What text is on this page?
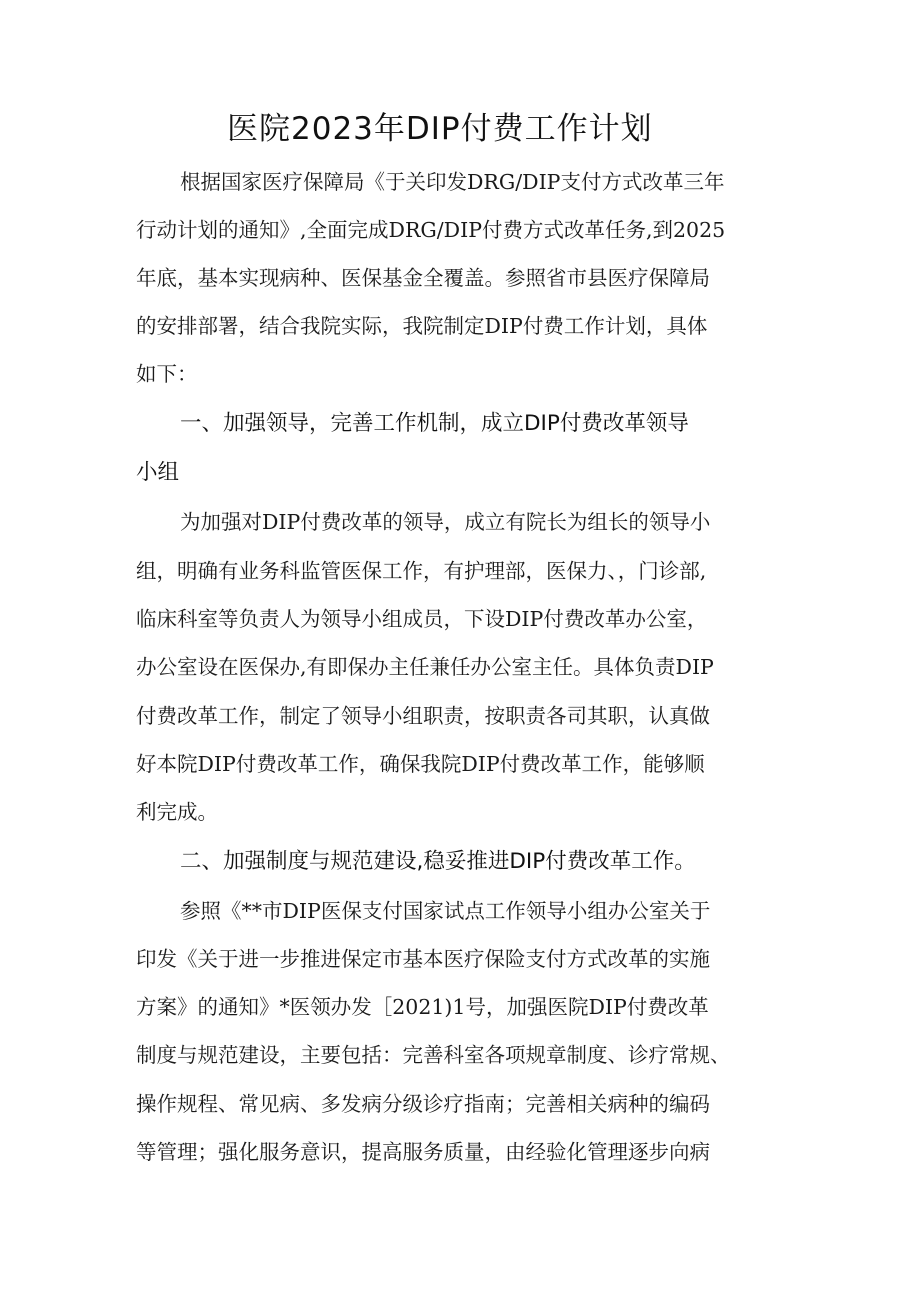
医院2023年DIP付费工作计划
根据国家医疗保障局《于关印发DRG/DIP支付方式改革三年
行动计划的通知》,全面完成DRG/DIP付费方式改革任务,到2025
年底，基本实现病种、医保基金全覆盖。参照省市县医疗保障局
的安排部署，结合我院实际，我院制定DIP付费工作计划，具体
如下：
一、加强领导，完善工作机制，成立DIP付费改革领导
小组
为加强对DIP付费改革的领导，成立有院长为组长的领导小
组，明确有业务科监管医保工作，有护理部，医保力、，门诊部,
临床科室等负责人为领导小组成员，下设DIP付费改革办公室，
办公室设在医保办,有即保办主任兼任办公室主任。具体负责DIP
付费改革工作，制定了领导小组职责，按职责各司其职，认真做
好本院DIP付费改革工作，确保我院DIP付费改革工作，能够顺
利完成。
二、加强制度与规范建设,稳妥推进DIP付费改革工作。
参照《**市DIP医保支付国家试点工作领导小组办公室关于
印发《关于进一步推进保定市基本医疗保险支付方式改革的实施
方案》的通知》*医领办发［2021)1号，加强医院DIP付费改革
制度与规范建设，主要包括：完善科室各项规章制度、诊疗常规、
操作规程、常见病、多发病分级诊疗指南；完善相关病种的编码
等管理；强化服务意识，提高服务质量，由经验化管理逐步向病
